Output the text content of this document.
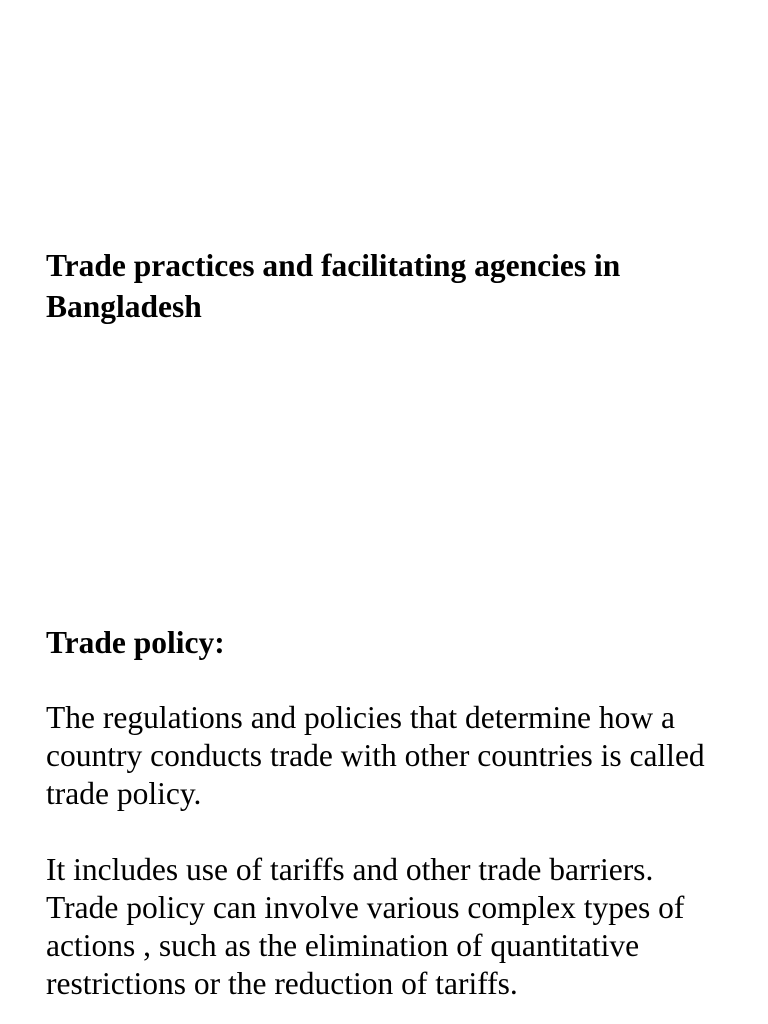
Trade practices and facilitating agencies in Bangladesh
Trade policy:

The regulations and policies that determine how a country conducts trade with other countries is called trade policy.

It includes use of tariffs and other trade barriers. Trade policy can involve various complex types of actions , such as the elimination of quantitative restrictions or the reduction of tariffs.
